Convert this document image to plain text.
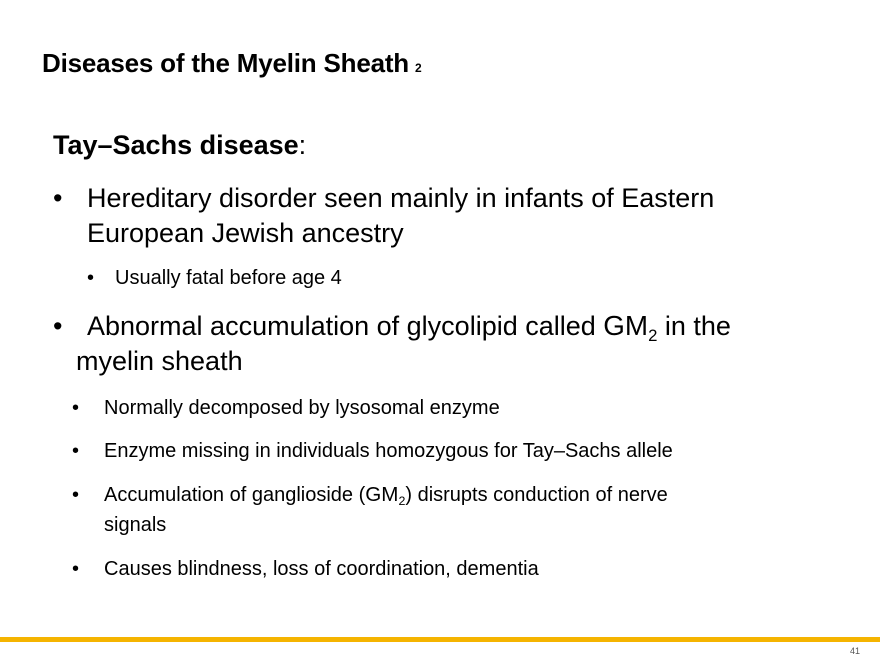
Diseases of the Myelin Sheath 2
Tay–Sachs disease:
• Hereditary disorder seen mainly in infants of Eastern
European Jewish ancestry
• Usually fatal before age 4
• Abnormal accumulation of glycolipid called $GM_2$ in the
myelin sheath
• Normally decomposed by lysosomal enzyme
• Enzyme missing in individuals homozygous for Tay–Sachs allele
• Accumulation of ganglioside $(GM_2)$ disrupts conduction of nerve
signals
• Causes blindness, loss of coordination, dementia
41
